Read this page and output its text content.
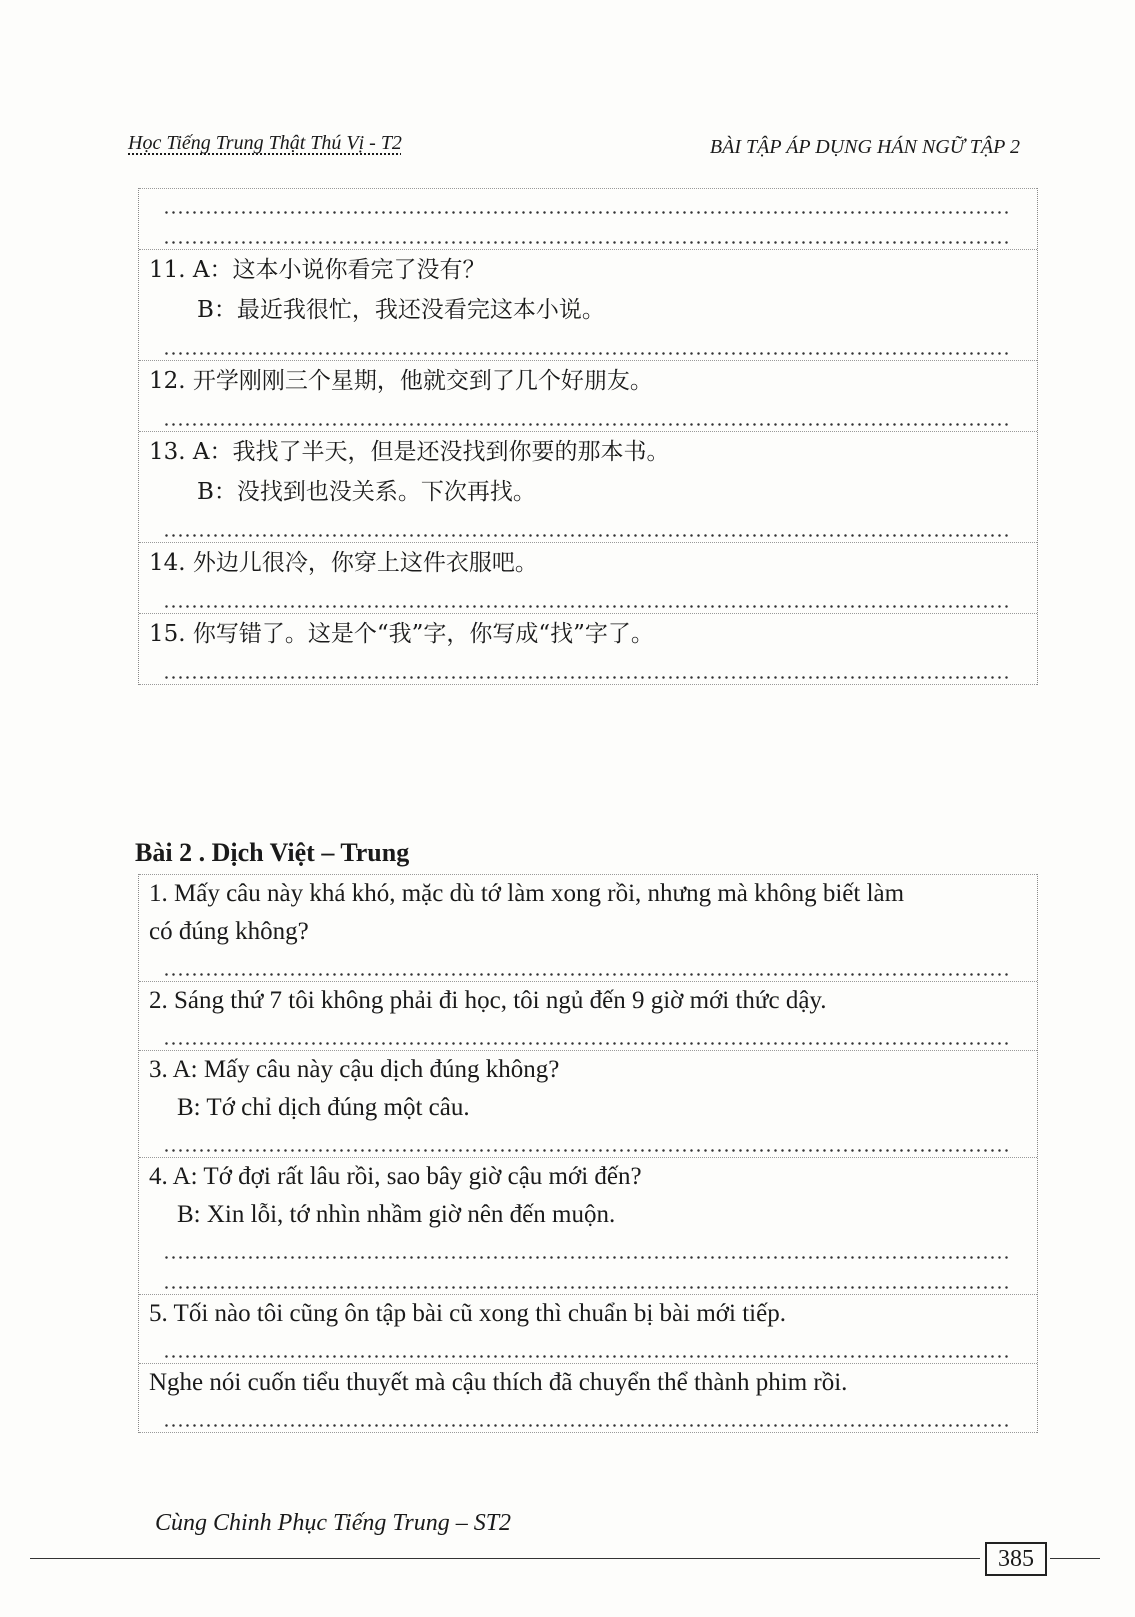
Học Tiếng Trung Thật Thú Vị - T2	BÀI TẬP ÁP DỤNG HÁN NGỮ TẬP 2
11. A：这本小说你看完了没有？
B：最近我很忙，我还没看完这本小说。
12. 开学刚刚三个星期，他就交到了几个好朋友。
13. A：我找了半天，但是还没找到你要的那本书。
B：没找到也没关系。下次再找。
14. 外边儿很冷，你穿上这件衣服吧。
15. 你写错了。这是个“我”字，你写成“找”字了。
Bài 2 . Dịch Việt – Trung
1. Mấy câu này khá khó, mặc dù tớ làm xong rồi, nhưng mà không biết làm
có đúng không?
2. Sáng thứ 7 tôi không phải đi học, tôi ngủ đến 9 giờ mới thức dậy.
3. A: Mấy câu này cậu dịch đúng không?
B: Tớ chỉ dịch đúng một câu.
4. A: Tớ đợi rất lâu rồi, sao bây giờ cậu mới đến?
B: Xin lỗi, tớ nhìn nhầm giờ nên đến muộn.
5. Tối nào tôi cũng ôn tập bài cũ xong thì chuẩn bị bài mới tiếp.
Nghe nói cuốn tiểu thuyết mà cậu thích đã chuyển thể thành phim rồi.
Cùng Chinh Phục Tiếng Trung – ST2
385
